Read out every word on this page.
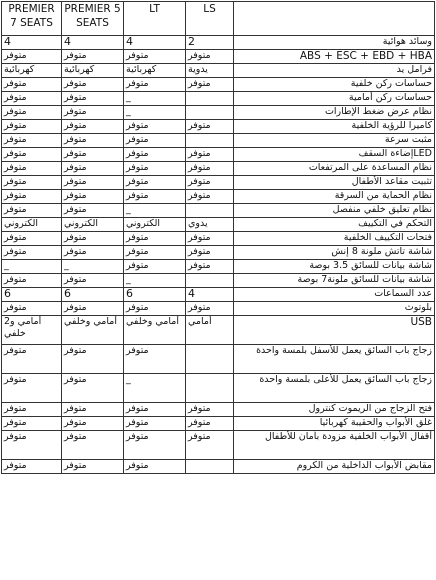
PREMIER 7 SEATS	PREMIER 5 SEATS	LT	LS	
4	4	4	2	وسائد هوائية
متوفر	متوفر	متوفر	متوفر	ABS + ESC + EBD + HBA
كهربائية	كهربائية	كهربائية	يدوية	فرامل يد
متوفر	متوفر	متوفر	متوفر	حساسات ركن خلفية
متوفر	متوفر	_		حساسات ركن أمامية
متوفر	متوفر	_		نظام عرض ضغط الإطارات
متوفر	متوفر	متوفر	متوفر	كاميرا للرؤية الخلفية
متوفر	متوفر	متوفر		مثبت سرعة
متوفر	متوفر	متوفر	متوفر	LEDإضاءة السقف
متوفر	متوفر	متوفر	متوفر	نظام المساعدة على المرتفعات
متوفر	متوفر	متوفر	متوفر	تثبيت مقاعد الأطفال
متوفر	متوفر	متوفر	متوفر	نظام الحماية من السرقة
متوفر	متوفر	_		نظام تعليق خلفي منفصل
الكتروني	الكتروني	الكتروني	يدوي	التحكم في التكييف
متوفر	متوفر	متوفر	متوفر	فتحات التكييف الخلفية
متوفر	متوفر	متوفر	متوفر	شاشة تاتش ملونة 8 إنش
_	_	متوفر	متوفر	شاشة بيانات للسائق 3.5 بوصة
متوفر	متوفر	_		شاشة بيانات للسائق ملونة7 بوصة
6	6	6	4	عدد السماعات
متوفر	متوفر	متوفر	متوفر	بلوتوث
أمامي و2 خلفي	أمامي وخلفي	أمامي وخلفي	أمامي	USB
متوفر	متوفر	متوفر		زجاج باب السائق يعمل للأسفل بلمسة واحدة
متوفر	متوفر	_		زجاج باب السائق يعمل للأعلى بلمسة واحدة
متوفر	متوفر	متوفر	متوفر	فتح الزجاج من الريموت كنترول
متوفر	متوفر	متوفر	متوفر	غلق الأبواب والحقيبة كهربائيا
متوفر	متوفر	متوفر	متوفر	أقفال الأبواب الخلفية مزودة بأمان للأطفال
متوفر	متوفر	متوفر		مقابض الأبواب الداخلية من الكروم
